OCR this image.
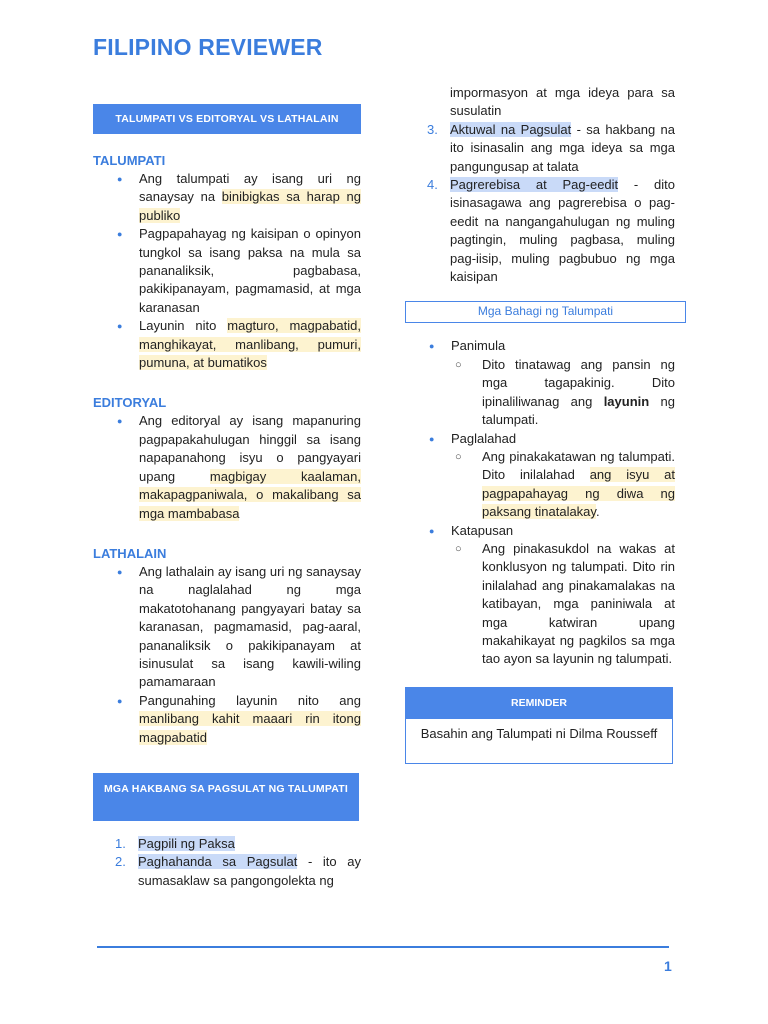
FILIPINO REVIEWER
TALUMPATI VS EDITORYAL VS LATHALAIN
TALUMPATI
● Ang talumpati ay isang uri ng sanaysay na binibigkas sa harap ng publiko
● Pagpapahayag ng kaisipan o opinyon tungkol sa isang paksa na mula sa pananaliksik, pagbabasa, pakikipanayam, pagmamasid, at mga karanasan
● Layunin nito magturo, magpabatid, manghikayat, manlibang, pumuri, pumuna, at bumatikos
EDITORYAL
● Ang editoryal ay isang mapanuring pagpapakahulugan hinggil sa isang napapanahong isyu o pangyayari upang magbigay kaalaman, makapagpaniwala, o makalibang sa mga mambabasa
LATHALAIN
● Ang lathalain ay isang uri ng sanaysay na naglalahad ng mga makatotohanang pangyayari batay sa karanasan, pagmamasid, pag-aaral, pananaliksik o pakikipanayam at isinusulat sa isang kawili-wiling pamamaraan
● Pangunahing layunin nito ang manlibang kahit maaari rin itong magpabatid
MGA HAKBANG SA PAGSULAT NG TALUMPATI
1. Pagpili ng Paksa
2. Paghahanda sa Pagsulat - ito ay sumasaklaw sa pangongolekta ng
impormasyon at mga ideya para sa susulatin
3. Aktuwal na Pagsulat - sa hakbang na ito isinasalin ang mga ideya sa mga pangungusap at talata
4. Pagrerebisa at Pag-eedit - dito isinasagawa ang pagrerebisa o pag-eedit na nangangahulugan ng muling pagtingin, muling pagbasa, muling pag-iisip, muling pagbubuo ng mga kaisipan
Mga Bahagi ng Talumpati
● Panimula
○ Dito tinatawag ang pansin ng mga tagapakinig. Dito ipinaliliwanag ang layunin ng talumpati.
● Paglalahad
○ Ang pinakakatawan ng talumpati. Dito inilalahad ang isyu at pagpapahayag ng diwa ng paksang tinatalakay.
● Katapusan
○ Ang pinakasukdol na wakas at konklusyon ng talumpati. Dito rin inilalahad ang pinakamalakas na katibayan, mga paniniwala at mga katwiran upang makahikayat ng pagkilos sa mga tao ayon sa layunin ng talumpati.
REMINDER
Basahin ang Talumpati ni Dilma Rousseff
1
